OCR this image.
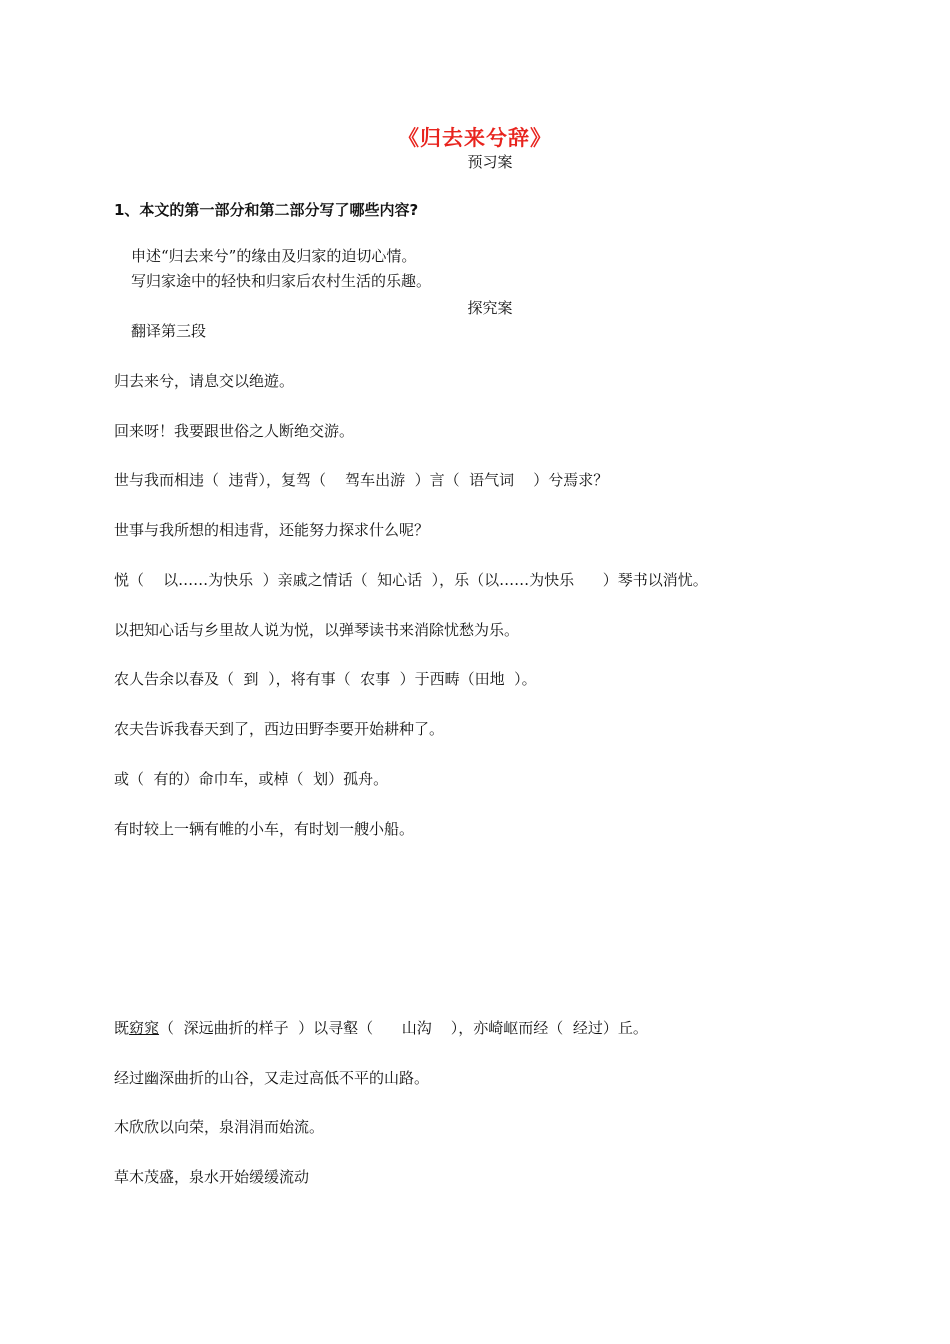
《归去来兮辞》
预习案
1、本文的第一部分和第二部分写了哪些内容?
申述“归去来兮”的缘由及归家的迫切心情。
写归家途中的轻快和归家后农村生活的乐趣。
探究案
翻译第三段
归去来兮，请息交以绝遊。
回来呀！我要跟世俗之人断绝交游。
世与我而相违（  违背），复驾（    驾车出游  ）言（  语气词    ）兮焉求？
世事与我所想的相违背，还能努力探求什么呢？
悦（    以……为快乐  ）亲戚之情话（  知心话  ），乐（以……为快乐      ）琴书以消忧。
以把知心话与乡里故人说为悦，以弹琴读书来消除忧愁为乐。
农人告余以春及（  到  ），将有事（  农事  ）于西畴（田地  ）。
农夫告诉我春天到了，西边田野李要开始耕种了。
或（  有的）命巾车，或棹（  划）孤舟。
有时较上一辆有帷的小车，有时划一艘小船。
既窈窕（  深远曲折的样子  ）以寻壑（      山沟    ），亦崎岖而经（  经过）丘。
经过幽深曲折的山谷，又走过高低不平的山路。
木欣欣以向荣，泉涓涓而始流。
草木茂盛，泉水开始缓缓流动
